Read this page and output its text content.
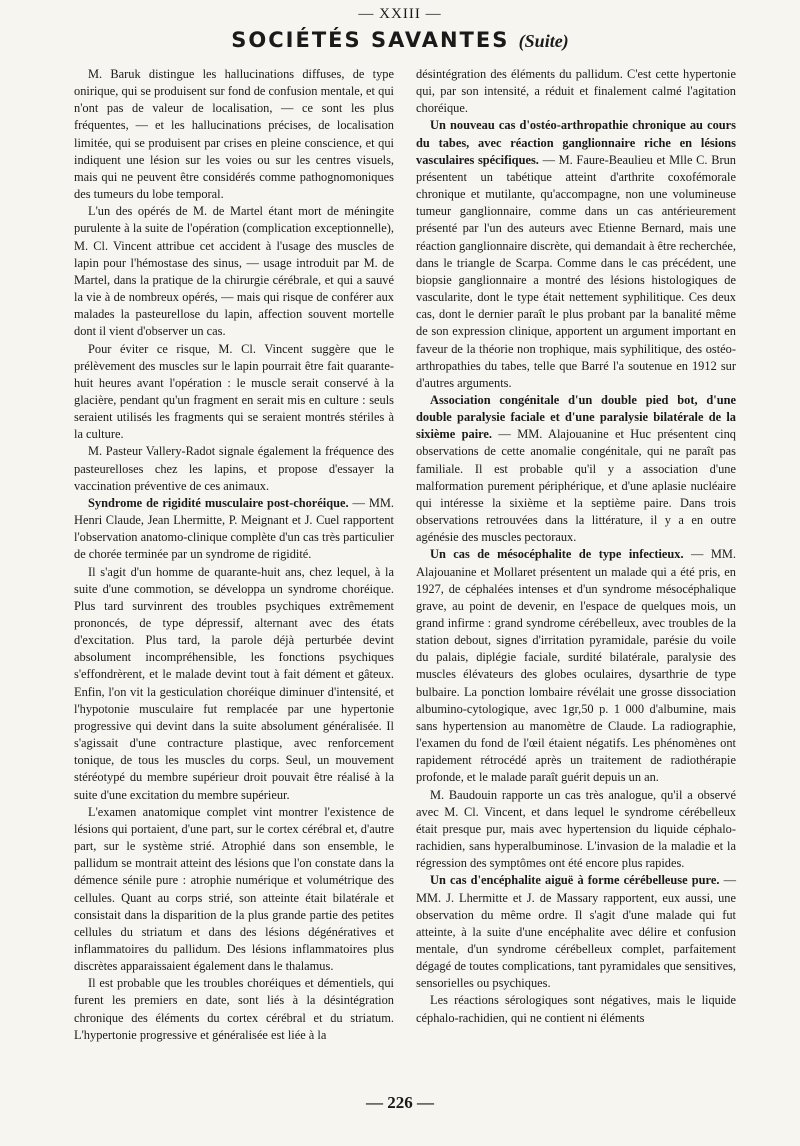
— XXIII —
SOCIÉTÉS SAVANTES (Suite)

M. Baruk distingue les hallucinations diffuses, de type onirique, qui se produisent sur fond de confusion mentale, et qui n'ont pas de valeur de localisation, — ce sont les plus fréquentes, — et les hallucinations précises, de localisation limitée, qui se produisent par crises en pleine conscience, et qui indiquent une lésion sur les voies ou sur les centres visuels, mais qui ne peuvent être considérés comme pathognomoniques des tumeurs du lobe temporal.

L'un des opérés de M. de Martel étant mort de méningite purulente à la suite de l'opération (complication exceptionnelle), M. Cl. Vincent attribue cet accident à l'usage des muscles de lapin pour l'hémostase des sinus, — usage introduit par M. de Martel, dans la pratique de la chirurgie cérébrale, et qui a sauvé la vie à de nombreux opérés, — mais qui risque de conférer aux malades la pasteurellose du lapin, affection souvent mortelle dont il vient d'observer un cas.

Pour éviter ce risque, M. Cl. Vincent suggère que le prélèvement des muscles sur le lapin pourrait être fait quarante-huit heures avant l'opération : le muscle serait conservé à la glacière, pendant qu'un fragment en serait mis en culture : seuls seraient utilisés les fragments qui se seraient montrés stériles à la culture.

M. Pasteur Vallery-Radot signale également la fréquence des pasteurelloses chez les lapins, et propose d'essayer la vaccination préventive de ces animaux.

Syndrome de rigidité musculaire post-choréique. — MM. Henri Claude, Jean Lhermitte, P. Meignant et J. Cuel rapportent l'observation anatomo-clinique complète d'un cas très particulier de chorée terminée par un syndrome de rigidité.

Il s'agit d'un homme de quarante-huit ans, chez lequel, à la suite d'une commotion, se développa un syndrome choréique. Plus tard survinrent des troubles psychiques extrêmement prononcés, de type dépressif, alternant avec des états d'excitation. Plus tard, la parole déjà perturbée devint absolument incompréhensible, les fonctions psychiques s'effondrèrent, et le malade devint tout à fait dément et gâteux. Enfin, l'on vit la gesticulation choréique diminuer d'intensité, et l'hypotonie musculaire fut remplacée par une hypertonie progressive qui devint dans la suite absolument généralisée. Il s'agissait d'une contracture plastique, avec renforcement tonique, de tous les muscles du corps. Seul, un mouvement stéréotypé du membre supérieur droit pouvait être réalisé à la suite d'une excitation du membre supérieur.

L'examen anatomique complet vint montrer l'existence de lésions qui portaient, d'une part, sur le cortex cérébral et, d'autre part, sur le système strié. Atrophié dans son ensemble, le pallidum se montrait atteint des lésions que l'on constate dans la démence sénile pure : atrophie numérique et volumétrique des cellules. Quant au corps strié, son atteinte était bilatérale et consistait dans la disparition de la plus grande partie des petites cellules du striatum et dans des lésions dégénératives et inflammatoires du pallidum. Des lésions inflammatoires plus discrètes apparaissaient également dans le thalamus.

Il est probable que les troubles choréiques et démentiels, qui furent les premiers en date, sont liés à la désintégration chronique des éléments du cortex cérébral et du striatum. L'hypertonie progressive et généralisée est liée à la

désintégration des éléments du pallidum. C'est cette hypertonie qui, par son intensité, a réduit et finalement calmé l'agitation choréique.

Un nouveau cas d'ostéo-arthropathie chronique au cours du tabes, avec réaction ganglionnaire riche en lésions vasculaires spécifiques. — M. Faure-Beaulieu et Mlle C. Brun présentent un tabétique atteint d'arthrite coxofémorale chronique et mutilante, qu'accompagne, non une volumineuse tumeur ganglionnaire, comme dans un cas antérieurement présenté par l'un des auteurs avec Etienne Bernard, mais une réaction ganglionnaire discrète, qui demandait à être recherchée, dans le triangle de Scarpa. Comme dans le cas précédent, une biopsie ganglionnaire a montré des lésions histologiques de vascularite, dont le type était nettement syphilitique. Ces deux cas, dont le dernier paraît le plus probant par la banalité même de son expression clinique, apportent un argument important en faveur de la théorie non trophique, mais syphilitique, des ostéo-arthropathies du tabes, telle que Barré l'a soutenue en 1912 sur d'autres arguments.

Association congénitale d'un double pied bot, d'une double paralysie faciale et d'une paralysie bilatérale de la sixième paire. — MM. Alajouanine et Huc présentent cinq observations de cette anomalie congénitale, qui ne paraît pas familiale. Il est probable qu'il y a association d'une malformation purement périphérique, et d'une aplasie nucléaire qui intéresse la sixième et la septième paire. Dans trois observations retrouvées dans la littérature, il y a en outre agénésie des muscles pectoraux.

Un cas de mésocéphalite de type infectieux. — MM. Alajouanine et Mollaret présentent un malade qui a été pris, en 1927, de céphalées intenses et d'un syndrome mésocéphalique grave, au point de devenir, en l'espace de quelques mois, un grand infirme : grand syndrome cérébelleux, avec troubles de la station debout, signes d'irritation pyramidale, parésie du voile du palais, diplégie faciale, surdité bilatérale, paralysie des muscles élévateurs des globes oculaires, dysarthrie de type bulbaire. La ponction lombaire révélait une grosse dissociation albumino-cytologique, avec 1gr,50 p. 1 000 d'albumine, mais sans hypertension au manomètre de Claude. La radiographie, l'examen du fond de l'œil étaient négatifs. Les phénomènes ont rapidement rétrocédé après un traitement de radiothérapie profonde, et le malade paraît guérit depuis un an.

M. Baudouin rapporte un cas très analogue, qu'il a observé avec M. Cl. Vincent, et dans lequel le syndrome cérébelleux était presque pur, mais avec hypertension du liquide céphalo-rachidien, sans hyperalbuminose. L'invasion de la maladie et la régression des symptômes ont été encore plus rapides.

Un cas d'encéphalite aiguë à forme cérébelleuse pure. — MM. J. Lhermitte et J. de Massary rapportent, eux aussi, une observation du même ordre. Il s'agit d'une malade qui fut atteinte, à la suite d'une encéphalite avec délire et confusion mentale, d'un syndrome cérébelleux complet, parfaitement dégagé de toutes complications, tant pyramidales que sensitives, sensorielles ou psychiques.

Les réactions sérologiques sont négatives, mais le liquide céphalo-rachidien, qui ne contient ni éléments

— 226 —
